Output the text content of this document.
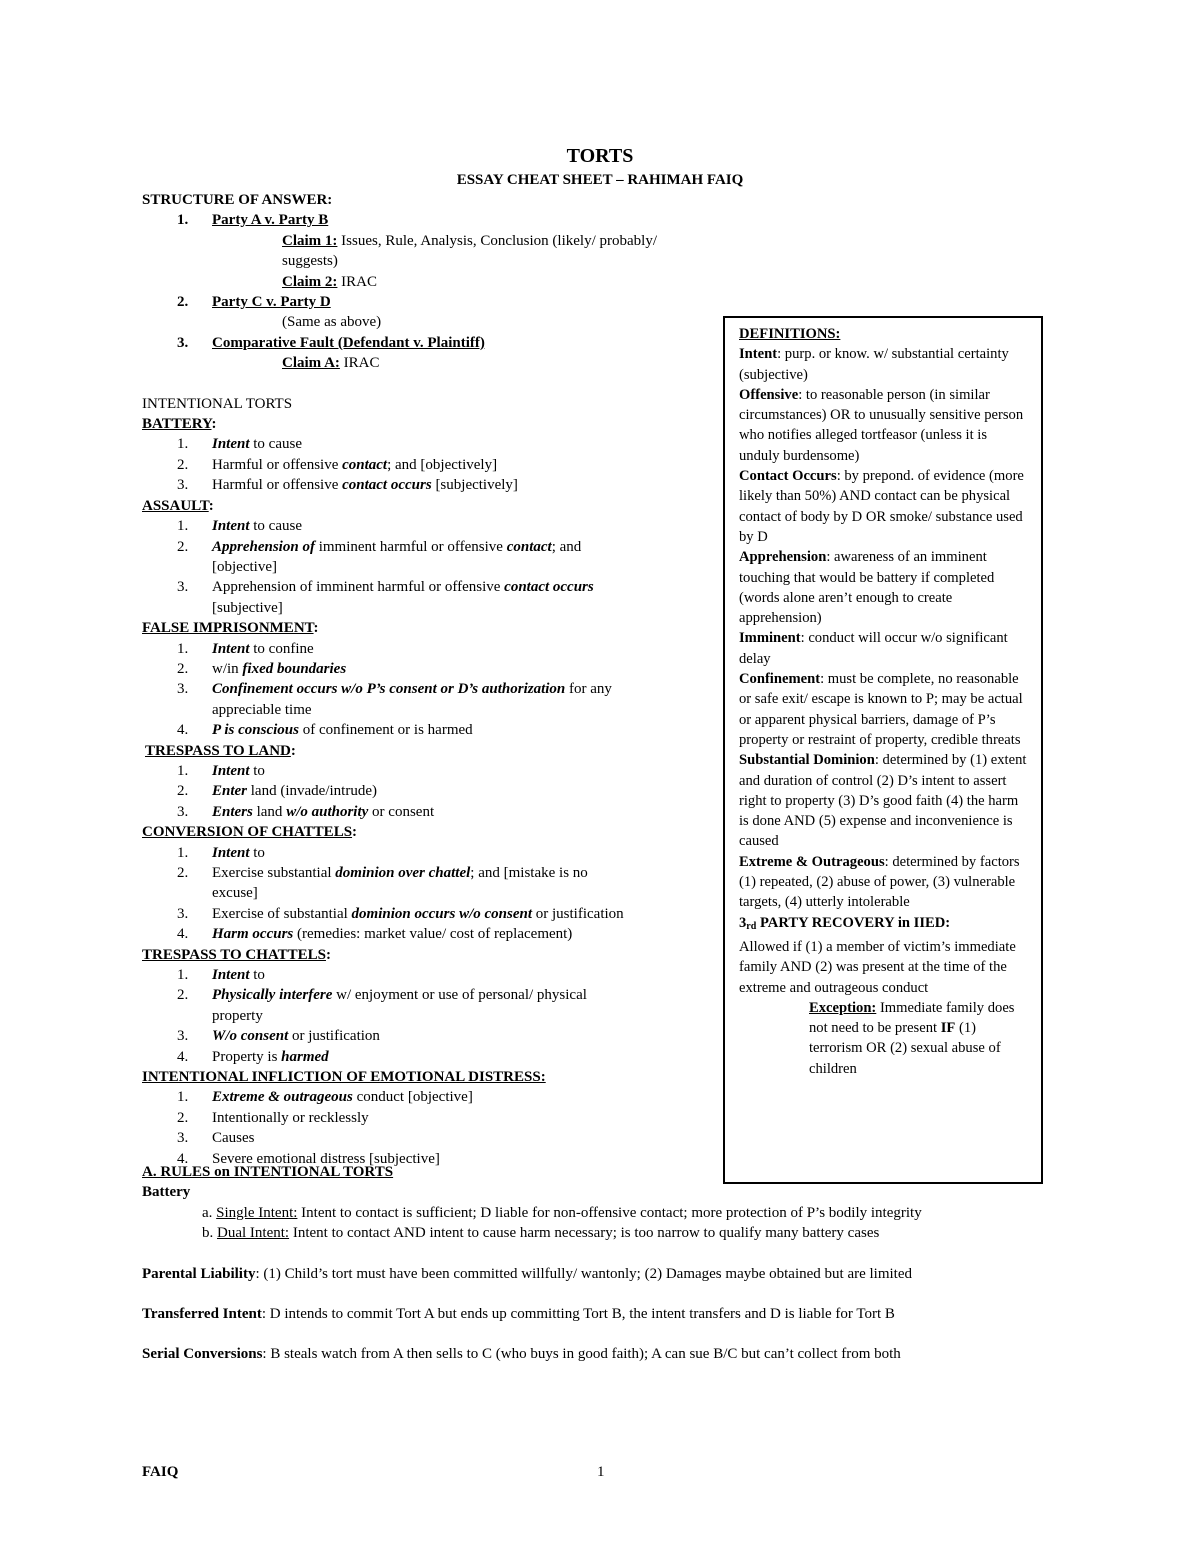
TORTS
ESSAY CHEAT SHEET – RAHIMAH FAIQ
STRUCTURE OF ANSWER:
1.	Party A v. Party B
Claim 1: Issues, Rule, Analysis, Conclusion (likely/ probably/ suggests)
Claim 2: IRAC
2.	Party C v. Party D
(Same as above)
3.	Comparative Fault (Defendant v. Plaintiff)
Claim A: IRAC
INTENTIONAL TORTS
BATTERY:
1.	Intent to cause
2.	Harmful or offensive contact; and [objectively]
3.	Harmful or offensive contact occurs [subjectively]
ASSAULT:
1.	Intent to cause
2.	Apprehension of imminent harmful or offensive contact; and
[objective]
3.	Apprehension of imminent harmful or offensive contact occurs
[subjective]
FALSE IMPRISONMENT:
1.	Intent to confine
2.	w/in fixed boundaries
3.	Confinement occurs w/o P’s consent or D’s authorization for any
appreciable time
4.	P is conscious of confinement or is harmed
TRESPASS TO LAND:
1.	Intent to
2.	Enter land (invade/intrude)
3.	Enters land w/o authority or consent
CONVERSION OF CHATTELS:
1.	Intent to
2.	Exercise substantial dominion over chattel; and [mistake is no
excuse]
3.	Exercise of substantial dominion occurs w/o consent or justification
4.	Harm occurs (remedies: market value/ cost of replacement)
TRESPASS TO CHATTELS:
1.	Intent to
2.	Physically interfere w/ enjoyment or use of personal/ physical
property
3.	W/o consent or justification
4.	Property is harmed
INTENTIONAL INFLICTION OF EMOTIONAL DISTRESS:
1.	Extreme & outrageous conduct [objective]
2.	Intentionally or recklessly
3.	Causes
4.	Severe emotional distress [subjective]

DEFINITIONS:

Intent: purp. or know. w/ substantial certainty (subjective)

Offensive: to reasonable person (in similar circumstances) OR to unusually sensitive person who notifies alleged tortfeasor (unless it is unduly burdensome)

Contact Occurs: by prepond. of evidence (more likely than 50%) AND contact can be physical contact of body by D OR smoke/ substance used by D

Apprehension: awareness of an imminent touching that would be battery if completed (words alone aren’t enough to create apprehension)

Imminent: conduct will occur w/o significant delay

Confinement: must be complete, no reasonable or safe exit/ escape is known to P; may be actual or apparent physical barriers, damage of P’s property or restraint of property, credible threats

Substantial Dominion: determined by (1) extent and duration of control (2) D’s intent to assert right to property (3) D’s good faith (4) the harm is done AND (5) expense and inconvenience is caused

Extreme & Outrageous: determined by factors (1) repeated, (2) abuse of power, (3) vulnerable targets, (4) utterly intolerable

$3_{rd}$ PARTY RECOVERY in IIED:

Allowed if (1) a member of victim’s immediate family AND (2) was present at the time of the extreme and outrageous conduct

Exception: Immediate family does not need to be present IF (1) terrorism OR (2) sexual abuse of children

A. RULES on INTENTIONAL TORTS

Battery

a. Single Intent: Intent to contact is sufficient; D liable for non-offensive contact; more protection of P’s bodily integrity

b. Dual Intent: Intent to contact AND intent to cause harm necessary; is too narrow to qualify many battery cases

Parental Liability: (1) Child’s tort must have been committed willfully/ wantonly; (2) Damages maybe obtained but are limited

Transferred Intent: D intends to commit Tort A but ends up committing Tort B, the intent transfers and D is liable for Tort B

Serial Conversions: B steals watch from A then sells to C (who buys in good faith); A can sue B/C but can’t collect from both

FAIQ	1
